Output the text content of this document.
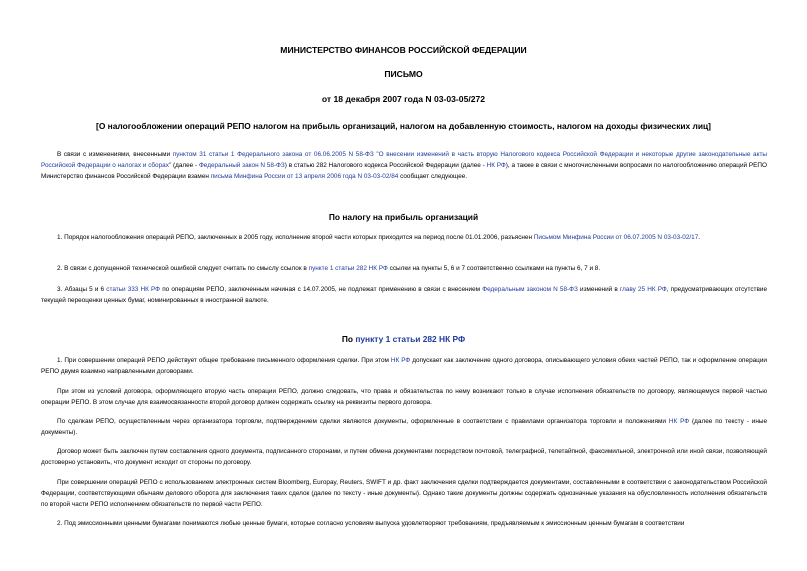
МИНИСТЕРСТВО ФИНАНСОВ РОССИЙСКОЙ ФЕДЕРАЦИИ
ПИСЬМО
от 18 декабря 2007 года N 03-03-05/272
[О налогообложении операций РЕПО налогом на прибыль организаций, налогом на добавленную стоимость, налогом на доходы физических лиц]
В связи с изменениями, внесенными пунктом 31 статьи 1 Федерального закона от 06.06.2005 N 58-ФЗ "О внесении изменений в часть вторую Налогового кодекса Российской Федерации и некоторые другие законодательные акты Российской Федерации о налогах и сборах" (далее - Федеральный закон N 58-ФЗ) в статью 282 Налогового кодекса Российской Федерации (далее - НК РФ), а также в связи с многочисленными вопросами по налогообложению операций РЕПО Министерство финансов Российской Федерации взамен письма Минфина России от 13 апреля 2006 года N 03-03-02/84 сообщает следующее.
По налогу на прибыль организаций
1. Порядок налогообложения операций РЕПО, заключенных в 2005 году, исполнение второй части которых приходится на период после 01.01.2006, разъяснен Письмом Минфина России от 06.07.2005 N 03-03-02/17.
2. В связи с допущенной технической ошибкой следует считать по смыслу ссылок в пункте 1 статьи 282 НК РФ ссылки на пункты 5, 6 и 7 соответственно ссылками на пункты 6, 7 и 8.
3. Абзацы 5 и 6 статьи 333 НК РФ по операциям РЕПО, заключенным начиная с 14.07.2005, не подлежат применению в связи с внесением Федеральным законом N 58-ФЗ изменений в главу 25 НК РФ, предусматривающих отсутствие текущей переоценки ценных бумаг, номинированных в иностранной валюте.
По пункту 1 статьи 282 НК РФ
1. При совершении операций РЕПО действует общее требование письменного оформления сделки. При этом НК РФ допускает как заключение одного договора, описывающего условия обеих частей РЕПО, так и оформление операции РЕПО двумя взаимно направленными договорами.
При этом из условий договора, оформляющего вторую часть операции РЕПО, должно следовать, что права и обязательства по нему возникают только в случае исполнения обязательств по договору, являющемуся первой частью операции РЕПО. В этом случае для взаимосвязанности второй договор должен содержать ссылку на реквизиты первого договора.
По сделкам РЕПО, осуществленным через организатора торговли, подтверждением сделки являются документы, оформленные в соответствии с правилами организатора торговли и положениями НК РФ (далее по тексту - иные документы).
Договор может быть заключен путем составления одного документа, подписанного сторонами, и путем обмена документами посредством почтовой, телеграфной, телетайпной, факсимильной, электронной или иной связи, позволяющей достоверно установить, что документ исходит от стороны по договору.
При совершении операций РЕПО с использованием электронных систем Bloomberg, Europay, Reuters, SWIFT и др. факт заключения сделки подтверждается документами, составленными в соответствии с законодательством Российской Федерации, соответствующими обычаям делового оборота для заключения таких сделок (далее по тексту - иные документы). Однако такие документы должны содержать однозначные указания на обусловленность исполнения обязательств по второй части РЕПО исполнением обязательств по первой части РЕПО.
2. Под эмиссионными ценными бумагами понимаются любые ценные бумаги, которые согласно условиям выпуска удовлетворяют требованиям, предъявляемым к эмиссионным ценным бумагам в соответствии
